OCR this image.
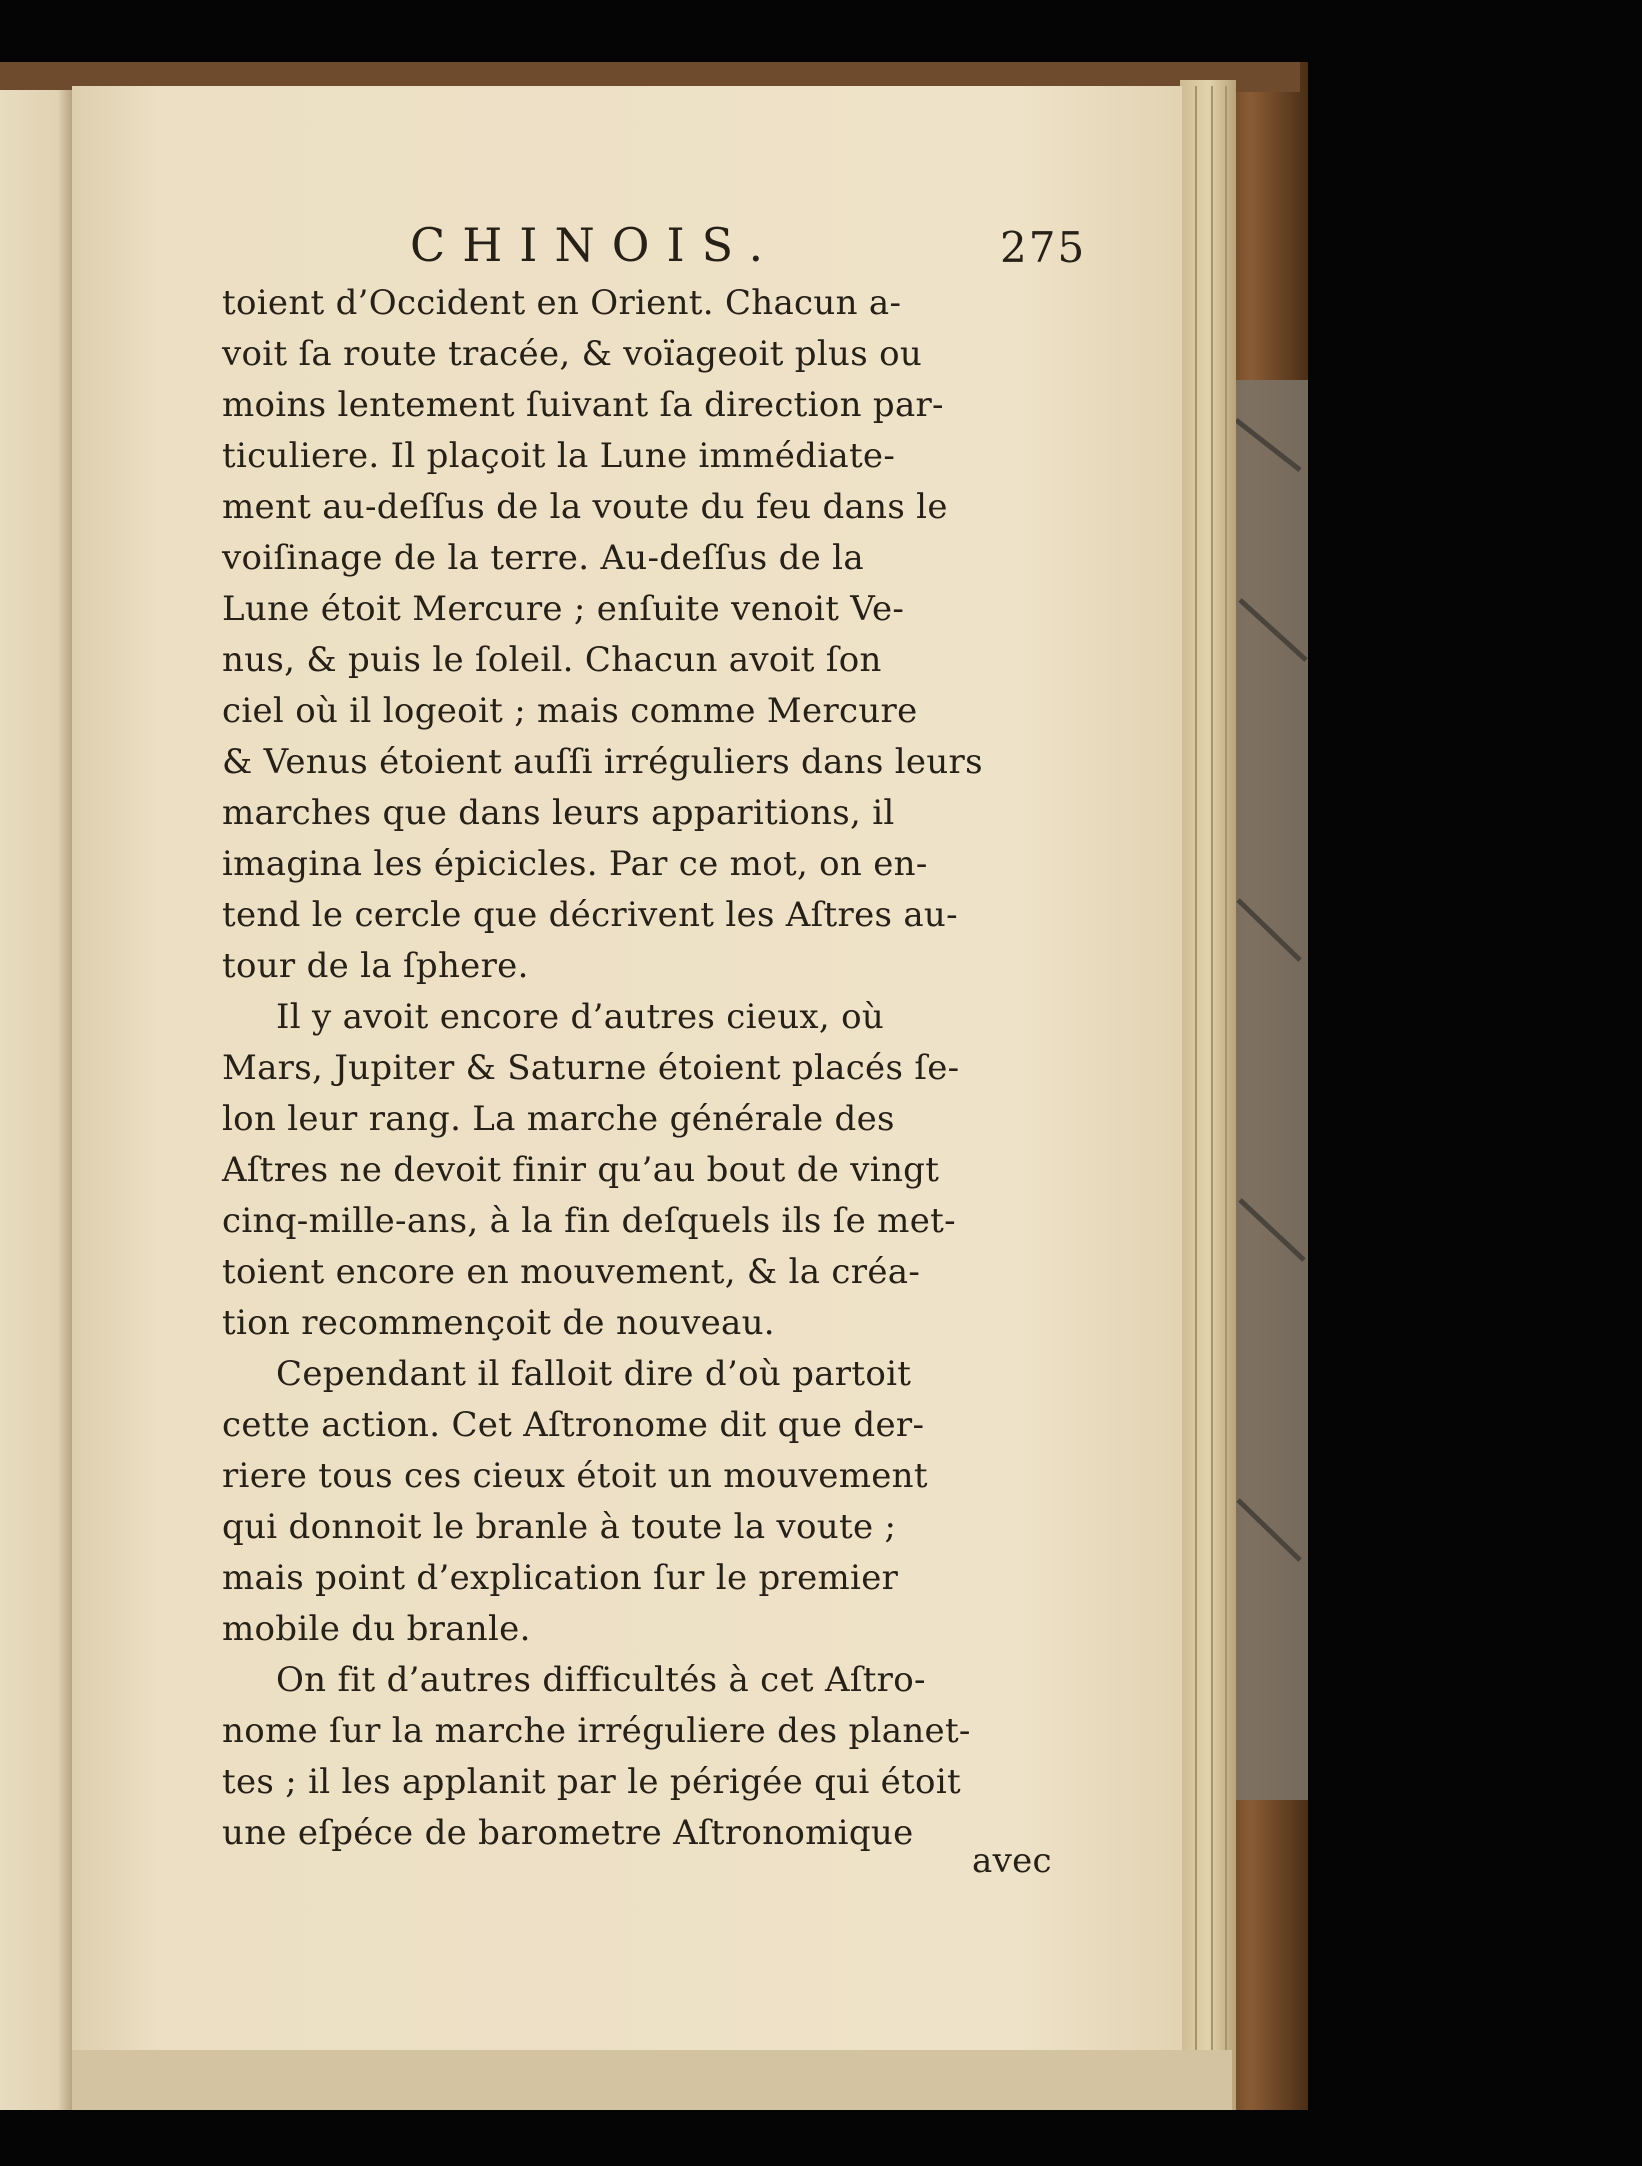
CHINOIS.	275
toient d’Occident en Orient. Chacun a-
voit ſa route tracée, & voïageoit plus ou
moins lentement ſuivant ſa direction par-
ticuliere. Il plaçoit la Lune immédiate-
ment au-deſſus de la voute du feu dans le
voiſinage de la terre. Au-deſſus de la
Lune étoit Mercure ; enſuite venoit Ve-
nus, & puis le ſoleil. Chacun avoit ſon
ciel où il logeoit ; mais comme Mercure
& Venus étoient auſſi irréguliers dans leurs
marches que dans leurs apparitions, il
imagina les épicicles. Par ce mot, on en-
tend le cercle que décrivent les Aſtres au-
tour de la ſphere.
Il y avoit encore d’autres cieux, où
Mars, Jupiter & Saturne étoient placés ſe-
lon leur rang. La marche générale des
Aſtres ne devoit finir qu’au bout de vingt
cinq-mille-ans, à la fin deſquels ils ſe met-
toient encore en mouvement, & la créa-
tion recommençoit de nouveau.
Cependant il falloit dire d’où partoit
cette action. Cet Aſtronome dit que der-
riere tous ces cieux étoit un mouvement
qui donnoit le branle à toute la voute ;
mais point d’explication ſur le premier
mobile du branle.
On fit d’autres difficultés à cet Aſtro-
nome ſur la marche irréguliere des planet-
tes ; il les applanit par le périgée qui étoit
une eſpéce de barometre Aſtronomique
avec
